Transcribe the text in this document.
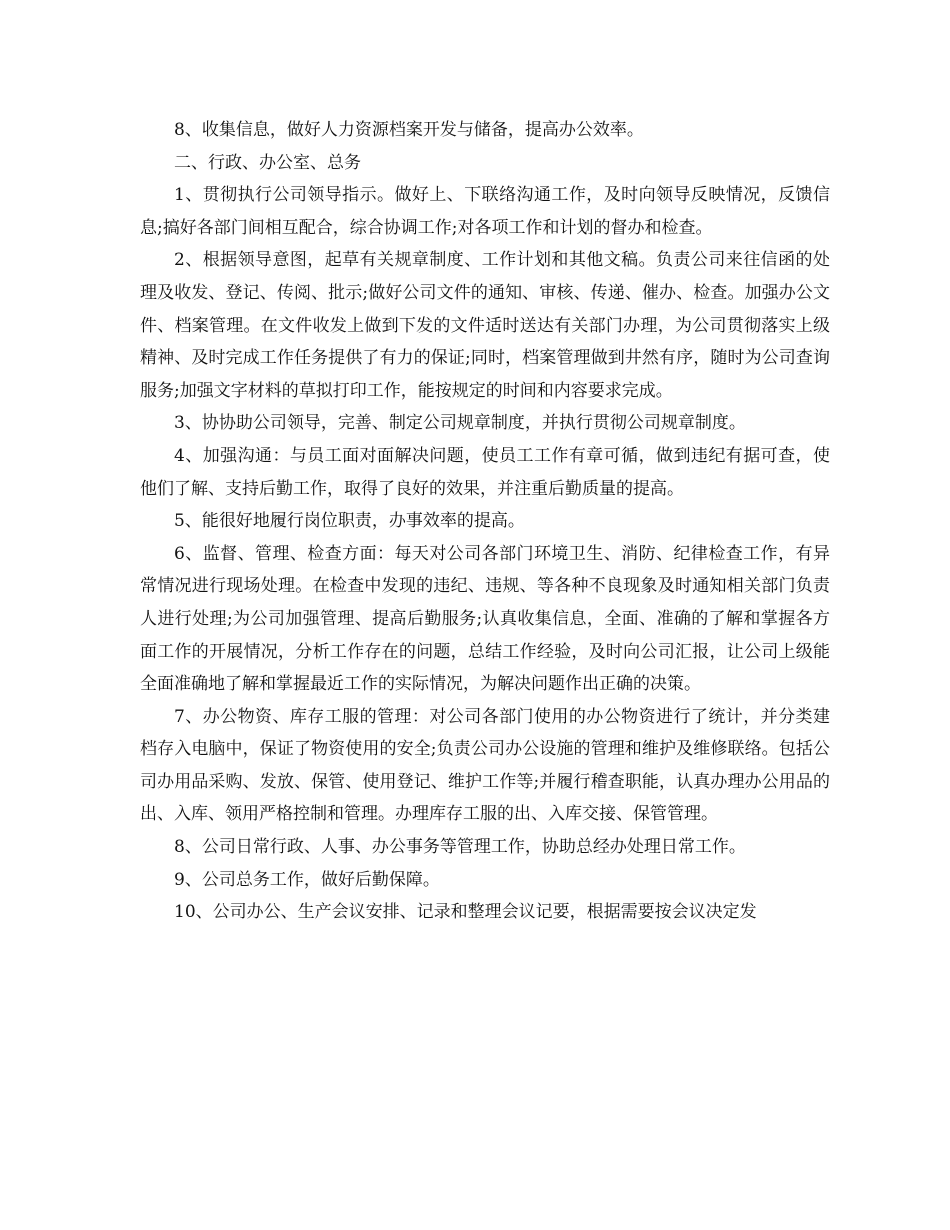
8、收集信息，做好人力资源档案开发与储备，提高办公效率。

二、行政、办公室、总务

1、贯彻执行公司领导指示。做好上、下联络沟通工作，及时向领导反映情况，反馈信息;搞好各部门间相互配合，综合协调工作;对各项工作和计划的督办和检查。

2、根据领导意图，起草有关规章制度、工作计划和其他文稿。负责公司来往信函的处理及收发、登记、传阅、批示;做好公司文件的通知、审核、传递、催办、检查。加强办公文件、档案管理。在文件收发上做到下发的文件适时送达有关部门办理，为公司贯彻落实上级精神、及时完成工作任务提供了有力的保证;同时，档案管理做到井然有序，随时为公司查询服务;加强文字材料的草拟打印工作，能按规定的时间和内容要求完成。

3、协协助公司领导，完善、制定公司规章制度，并执行贯彻公司规章制度。

4、加强沟通：与员工面对面解决问题，使员工工作有章可循，做到违纪有据可查，使他们了解、支持后勤工作，取得了良好的效果，并注重后勤质量的提高。

5、能很好地履行岗位职责，办事效率的提高。

6、监督、管理、检查方面：每天对公司各部门环境卫生、消防、纪律检查工作，有异常情况进行现场处理。在检查中发现的违纪、违规、等各种不良现象及时通知相关部门负责人进行处理;为公司加强管理、提高后勤服务;认真收集信息，全面、准确的了解和掌握各方面工作的开展情况，分析工作存在的问题，总结工作经验，及时向公司汇报，让公司上级能全面准确地了解和掌握最近工作的实际情况，为解决问题作出正确的决策。

7、办公物资、库存工服的管理：对公司各部门使用的办公物资进行了统计，并分类建档存入电脑中，保证了物资使用的安全;负责公司办公设施的管理和维护及维修联络。包括公司办用品采购、发放、保管、使用登记、维护工作等;并履行稽查职能，认真办理办公用品的出、入库、领用严格控制和管理。办理库存工服的出、入库交接、保管管理。

8、公司日常行政、人事、办公事务等管理工作，协助总经办处理日常工作。

9、公司总务工作，做好后勤保障。

10、公司办公、生产会议安排、记录和整理会议记要，根据需要按会议决定发
